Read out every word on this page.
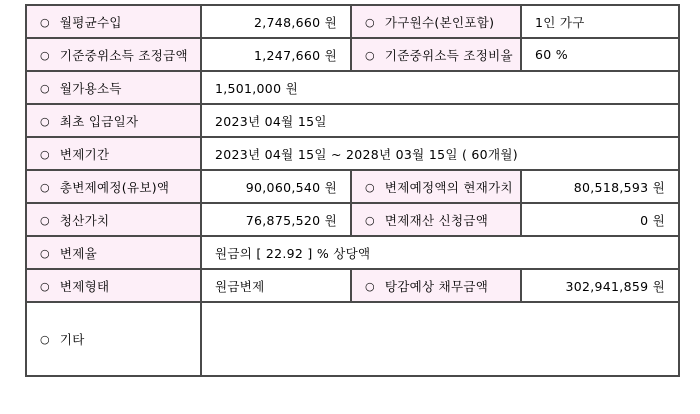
○ 월평균수입	2,748,660 원	○ 가구원수(본인포함)	1인 가구
○ 기준중위소득 조정금액	1,247,660 원	○ 기준중위소득 조정비율	60 %
○ 월가용소득	1,501,000 원		
○ 최초 입금일자	2023년 04월 15일		
○ 변제기간	2023년 04월 15일 ~ 2028년 03월 15일 ( 60개월)		
○ 총변제예정(유보)액	90,060,540 원	○ 변제예정액의 현재가치	80,518,593 원
○ 청산가치	76,875,520 원	○ 면제재산 신청금액	0 원
○ 변제율	원금의 [ 22.92 ] % 상당액		
○ 변제형태	원금변제	○ 탕감예상 채무금액	302,941,859 원
○ 기타			
